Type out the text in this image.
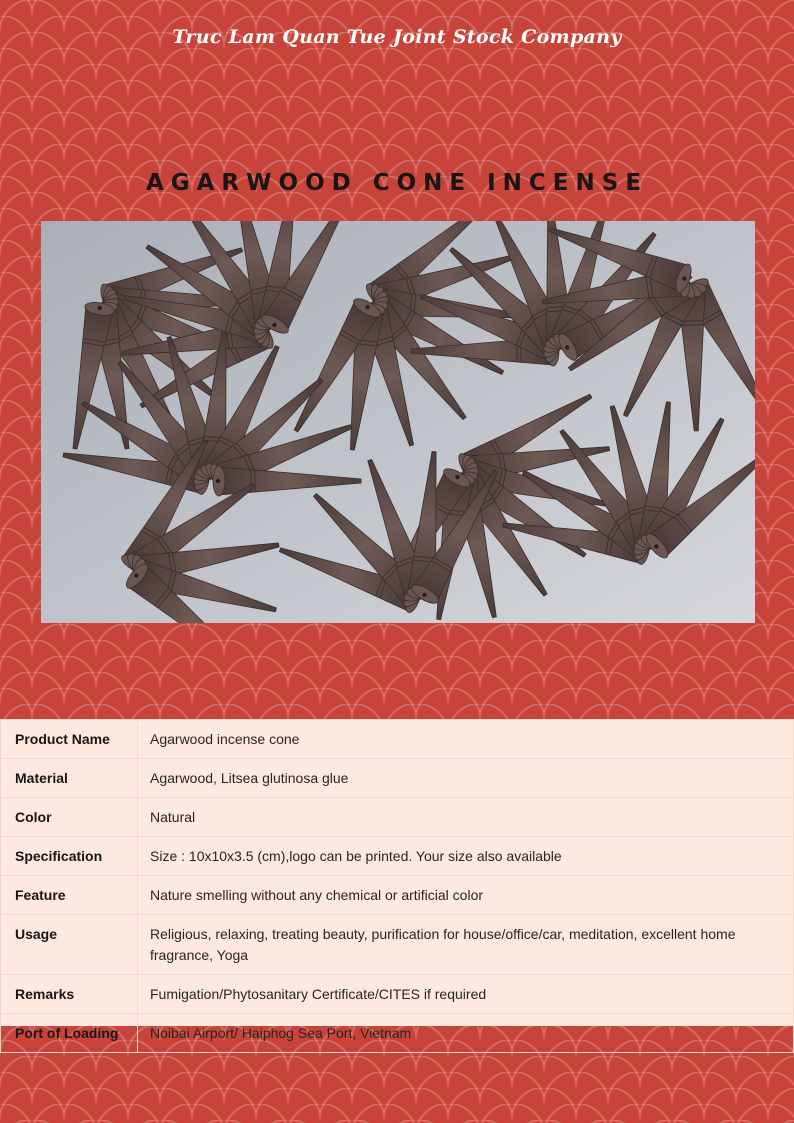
Truc Lam Quan Tue Joint Stock Company
AGARWOOD CONE INCENSE
Product Name	Agarwood incense cone
Material	Agarwood, Litsea glutinosa glue
Color	Natural
Specification	Size : 10x10x3.5 (cm),logo can be printed. Your size also available
Feature	Nature smelling without any chemical or artificial color
Usage	Religious, relaxing, treating beauty, purification for house/office/car, meditation, excellent home fragrance, Yoga
Remarks	Fumigation/Phytosanitary Certificate/CITES if required
Port of Loading	Noibai Airport/ Haiphog Sea Port, Vietnam
